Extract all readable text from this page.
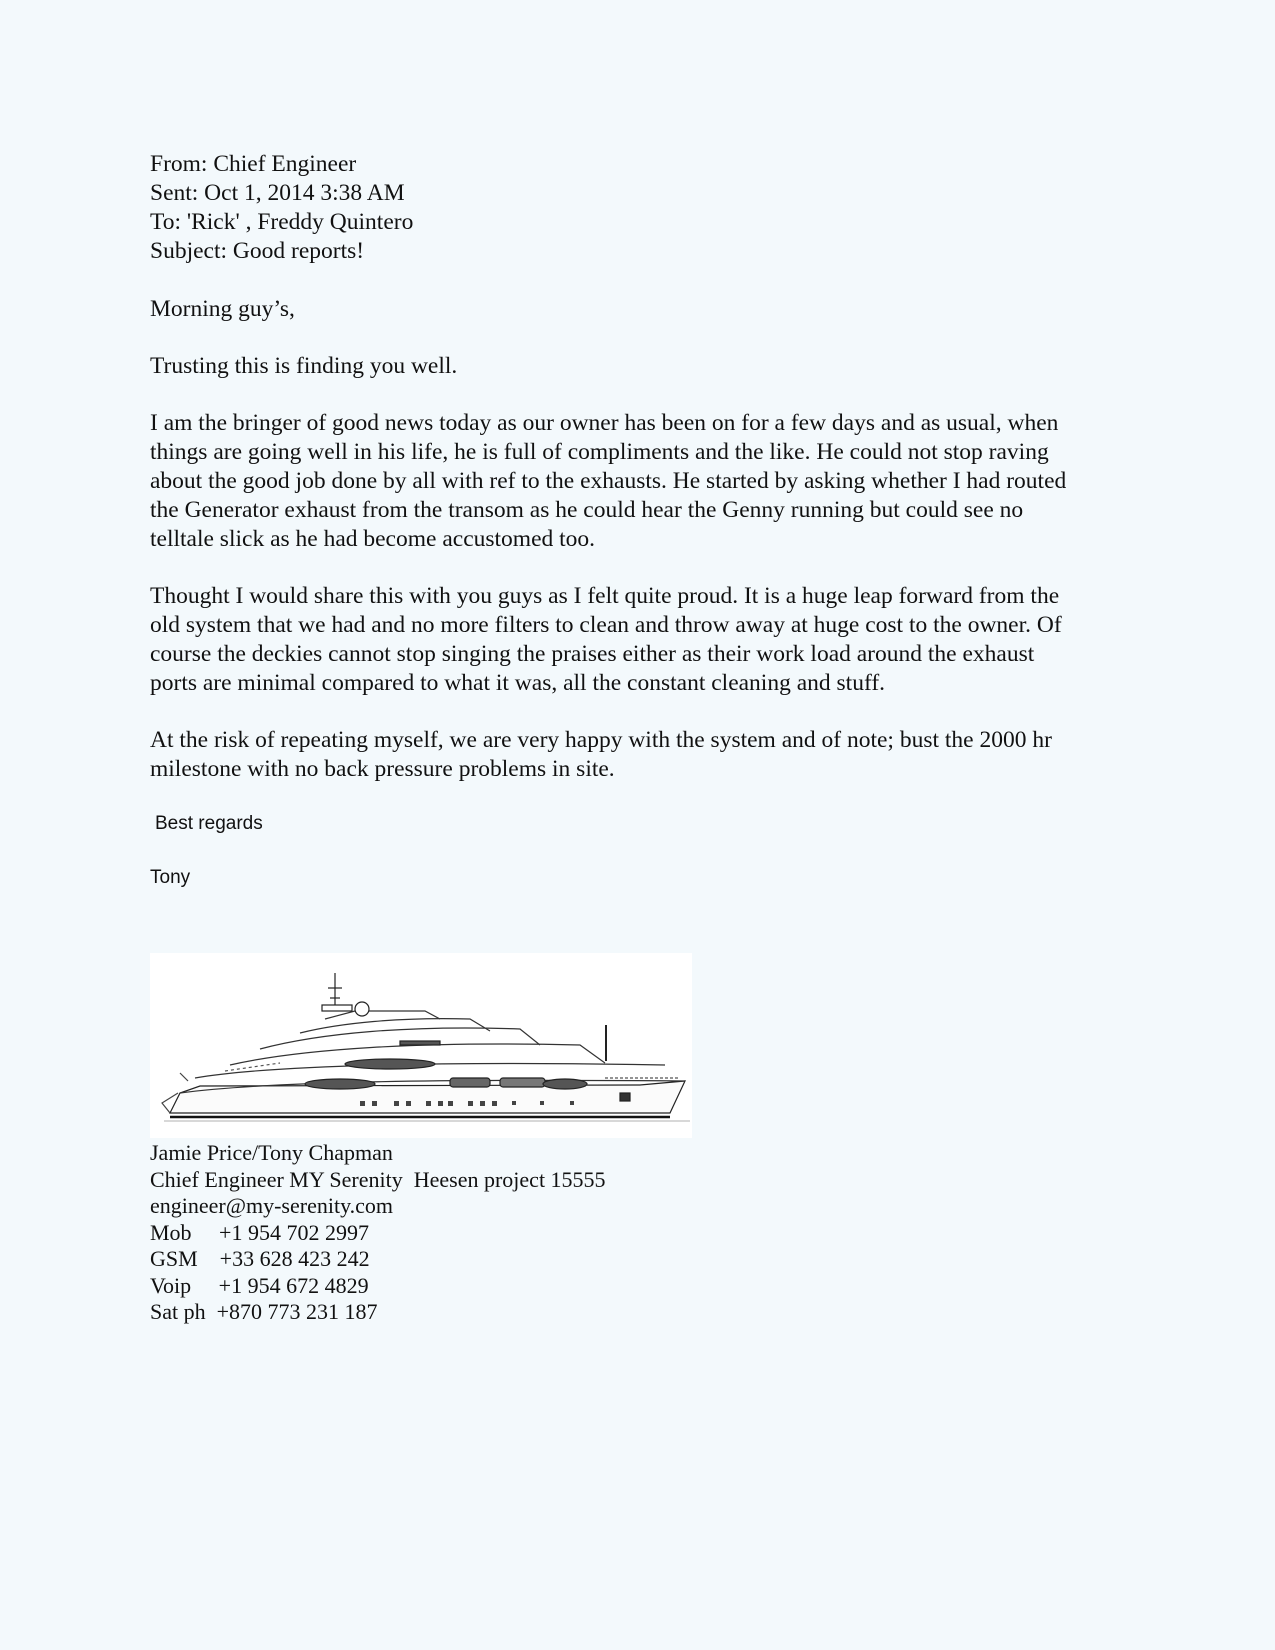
From: Chief Engineer
Sent: Oct 1, 2014 3:38 AM
To: 'Rick' , Freddy Quintero
Subject: Good reports!
Morning guy’s,
Trusting this is finding you well.
I am the bringer of good news today as our owner has been on for a few days and as usual, when
things are going well in his life, he is full of compliments and the like. He could not stop raving
about the good job done by all with ref to the exhausts. He started by asking whether I had routed
the Generator exhaust from the transom as he could hear the Genny running but could see no
telltale slick as he had become accustomed too.
Thought I would share this with you guys as I felt quite proud. It is a huge leap forward from the
old system that we had and no more filters to clean and throw away at huge cost to the owner. Of
course the deckies cannot stop singing the praises either as their work load around the exhaust
ports are minimal compared to what it was, all the constant cleaning and stuff.
At the risk of repeating myself, we are very happy with the system and of note; bust the 2000 hr
milestone with no back pressure problems in site.
Best regards
Tony
Jamie Price/Tony Chapman
Chief Engineer MY Serenity  Heesen project 15555
engineer@my-serenity.com
Mob     +1 954 702 2997
GSM    +33 628 423 242
Voip     +1 954 672 4829
Sat ph  +870 773 231 187
